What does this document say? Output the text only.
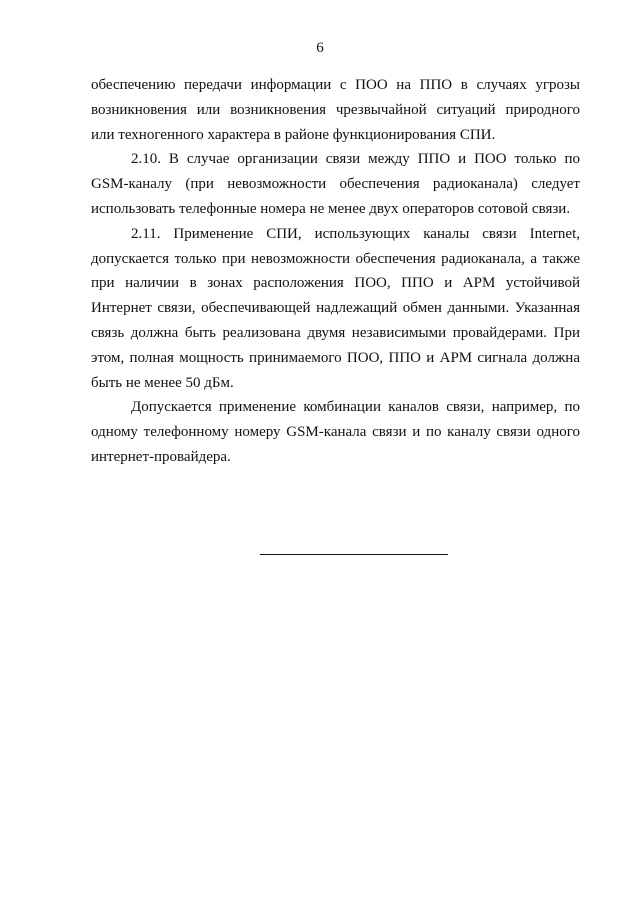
6

обеспечению передачи информации с ПОО на ППО в случаях угрозы
возникновения или возникновения чрезвычайной ситуаций природного
или техногенного характера в районе функционирования СПИ.

2.10. В случае организации связи между ППО и ПОО только по
GSM-каналу (при невозможности обеспечения радиоканала) следует
использовать телефонные номера не менее двух операторов сотовой связи.

2.11. Применение СПИ, использующих каналы связи Internet,
допускается только при невозможности обеспечения радиоканала, а также
при наличии в зонах расположения ПОО, ППО и АРМ устойчивой
Интернет связи, обеспечивающей надлежащий обмен данными. Указанная
связь должна быть реализована двумя независимыми провайдерами. При
этом, полная мощность принимаемого ПОО, ППО и АРМ сигнала должна
быть не менее 50 дБм.

Допускается применение комбинации каналов связи, например, по
одному телефонному номеру GSM-канала связи и по каналу связи одного
интернет-провайдера.
